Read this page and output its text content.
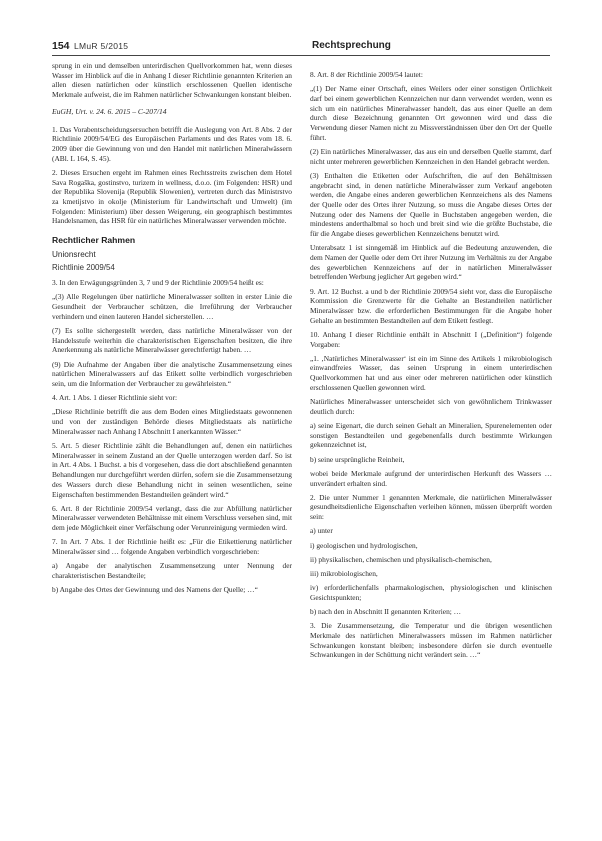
154 LMuR 5/2015	Rechtsprechung

sprung in ein und demselben unterirdischen Quellvorkommen hat, wenn dieses Wasser im Hinblick auf die in Anhang I dieser Richtlinie genannten Kriterien an allen diesen natürlichen oder künstlich erschlossenen Quellen identische Merkmale aufweist, die im Rahmen natürlicher Schwankungen konstant bleiben.

EuGH, Urt. v. 24. 6. 2015 – C-207/14

1. Das Vorabentscheidungsersuchen betrifft die Auslegung von Art. 8 Abs. 2 der Richtlinie 2009/54/EG des Europäischen Parlaments und des Rates vom 18. 6. 2009 über die Gewinnung von und den Handel mit natürlichen Mineralwässern (ABl. L 164, S. 45).

2. Dieses Ersuchen ergeht im Rahmen eines Rechtsstreits zwischen dem Hotel Sava Rogaška, gostinstvo, turizem in wellness, d.o.o. (im Folgenden: HSR) und der Republika Slovenija (Republik Slowenien), vertreten durch das Ministrstvo za kmetijstvo in okolje (Ministerium für Landwirtschaft und Umwelt) (im Folgenden: Ministerium) über dessen Weigerung, ein geographisch bestimmtes Handelsnamen, das HSR für ein natürliches Mineralwasser verwenden möchte.

Rechtlicher Rahmen
Unionsrecht
Richtlinie 2009/54

3. In den Erwägungsgründen 3, 7 und 9 der Richtlinie 2009/54 heißt es:

„(3) Alle Regelungen über natürliche Mineralwasser sollten in erster Linie die Gesundheit der Verbraucher schützen, die Irreführung der Verbraucher verhindern und einen lauteren Handel sicherstellen. …

(7) Es sollte sichergestellt werden, dass natürliche Mineralwässer von der Handelsstufe weiterhin die charakteristischen Eigenschaften besitzen, die ihre Anerkennung als natürliche Mineralwässer gerechtfertigt haben. …

(9) Die Aufnahme der Angaben über die analytische Zusammensetzung eines natürlichen Mineralwassers auf das Etikett sollte verbindlich vorgeschrieben sein, um die Information der Verbraucher zu gewährleisten.“

4. Art. 1 Abs. 1 dieser Richtlinie sieht vor:

„Diese Richtlinie betrifft die aus dem Boden eines Mitgliedstaats gewonnenen und von der zuständigen Behörde dieses Mitgliedstaats als natürliche Mineralwasser nach Anhang I Abschnitt I anerkannten Wässer.“

5. Art. 5 dieser Richtlinie zählt die Behandlungen auf, denen ein natürliches Mineralwasser in seinem Zustand an der Quelle unterzogen werden darf. So ist in Art. 4 Abs. 1 Buchst. a bis d vorgesehen, dass die dort abschließend genannten Behandlungen nur durchgeführt werden dürfen, sofern sie die Zusammensetzung des Wassers durch diese Behandlung nicht in seinen wesentlichen, seine Eigenschaften bestimmenden Bestandteilen geändert wird.“

6. Art. 8 der Richtlinie 2009/54 verlangt, dass die zur Abfüllung natürlicher Mineralwasser verwendeten Behältnisse mit einem Verschluss versehen sind, mit dem jede Möglichkeit einer Verfälschung oder Verunreinigung vermieden wird.

7. In Art. 7 Abs. 1 der Richtlinie heißt es: „Für die Etikettierung natürlicher Mineralwässer sind … folgende Angaben verbindlich vorgeschrieben:

a) Angabe der analytischen Zusammensetzung unter Nennung der charakteristischen Bestandteile;

b) Angabe des Ortes der Gewinnung und des Namens der Quelle; …“

8. Art. 8 der Richtlinie 2009/54 lautet:

„(1) Der Name einer Ortschaft, eines Weilers oder einer sonstigen Örtlichkeit darf bei einem gewerblichen Kennzeichen nur dann verwendet werden, wenn es sich um ein natürliches Mineralwasser handelt, das aus einer Quelle an dem durch diese Bezeichnung genannten Ort gewonnen wird und dass die Verwendung dieser Namen nicht zu Missverständnissen über den Ort der Quelle führt.

(2) Ein natürliches Mineralwasser, das aus ein und derselben Quelle stammt, darf nicht unter mehreren gewerblichen Kennzeichen in den Handel gebracht werden.

(3) Enthalten die Etiketten oder Aufschriften, die auf den Behältnissen angebracht sind, in denen natürliche Mineralwässer zum Verkauf angeboten werden, die Angabe eines anderen gewerblichen Kennzeichens als des Namens der Quelle oder des Ortes ihrer Nutzung, so muss die Angabe dieses Ortes der Nutzung oder des Namens der Quelle in Buchstaben angegeben werden, die mindestens anderthalbmal so hoch und breit sind wie die größte Buchstabe, die für die Angabe dieses gewerblichen Kennzeichens benutzt wird.

Unterabsatz 1 ist sinngemäß im Hinblick auf die Bedeutung anzuwenden, die dem Namen der Quelle oder dem Ort ihrer Nutzung im Verhältnis zu der Angabe des gewerblichen Kennzeichens auf der in natürlichen Mineralwässer betreffenden Werbung jeglicher Art gegeben wird.“

9. Art. 12 Buchst. a und b der Richtlinie 2009/54 sieht vor, dass die Europäische Kommission die Grenzwerte für die Gehalte an Bestandteilen natürlicher Mineralwässer bzw. die erforderlichen Bestimmungen für die Angabe hoher Gehalte an bestimmten Bestandteilen auf dem Etikett festlegt.

10. Anhang I dieser Richtlinie enthält in Abschnitt I („Definition“) folgende Vorgaben:

„1. ‚Natürliches Mineralwasser‘ ist ein im Sinne des Artikels 1 mikrobiologisch einwandfreies Wasser, das seinen Ursprung in einem unterirdischen Quellvorkommen hat und aus einer oder mehreren natürlichen oder künstlich erschlossenen Quellen gewonnen wird.

Natürliches Mineralwasser unterscheidet sich von gewöhnlichem Trinkwasser deutlich durch:

a) seine Eigenart, die durch seinen Gehalt an Mineralien, Spurenelementen oder sonstigen Bestandteilen und gegebenenfalls durch bestimmte Wirkungen gekennzeichnet ist,

b) seine ursprüngliche Reinheit,

wobei beide Merkmale aufgrund der unterirdischen Herkunft des Wassers … unverändert erhalten sind.

2. Die unter Nummer 1 genannten Merkmale, die natürlichen Mineralwässer gesundheitsdienliche Eigenschaften verleihen können, müssen überprüft worden sein:

a) unter

i) geologischen und hydrologischen,

ii) physikalischen, chemischen und physikalisch-chemischen,

iii) mikrobiologischen,

iv) erforderlichenfalls pharmakologischen, physiologischen und klinischen Gesichtspunkten;

b) nach den in Abschnitt II genannten Kriterien; …

3. Die Zusammensetzung, die Temperatur und die übrigen wesentlichen Merkmale des natürlichen Mineralwassers müssen im Rahmen natürlicher Schwankungen konstant bleiben; insbesondere dürfen sie durch eventuelle Schwankungen in der Schüttung nicht verändert sein. …“
